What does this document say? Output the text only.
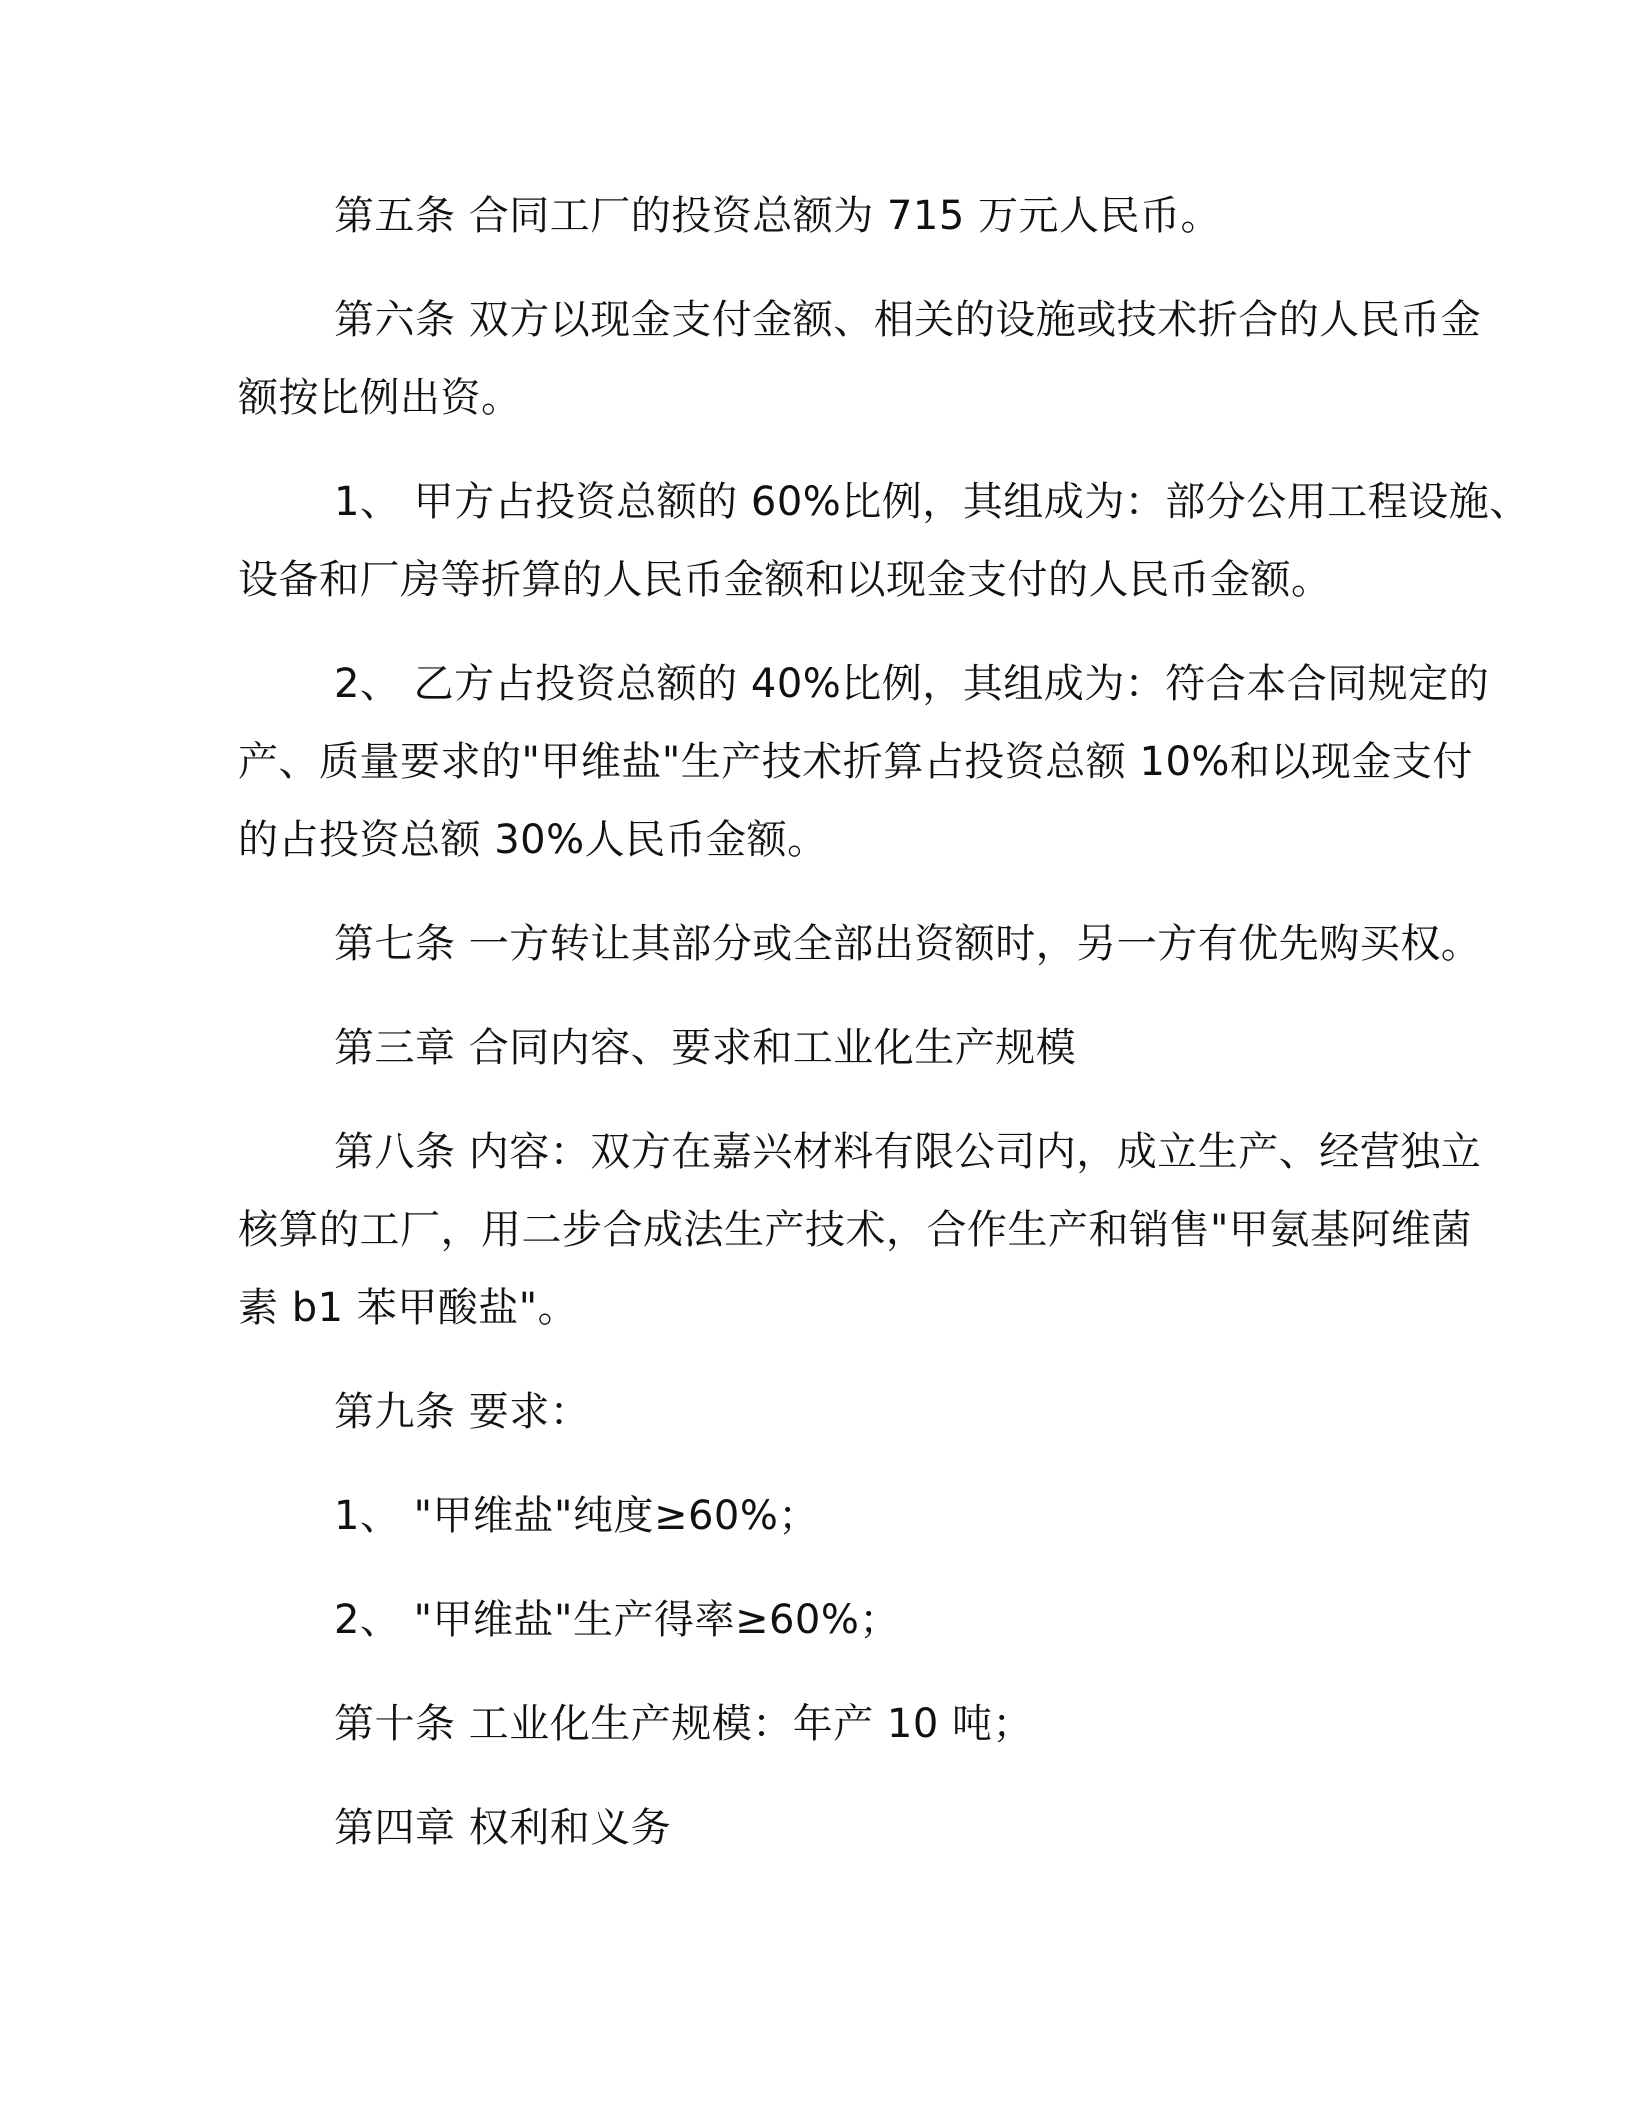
第五条 合同工厂的投资总额为 715 万元人民币。
第六条 双方以现金支付金额、相关的设施或技术折合的人民币金
额按比例出资。
1、 甲方占投资总额的 60%比例，其组成为：部分公用工程设施、
设备和厂房等折算的人民币金额和以现金支付的人民币金额。
2、 乙方占投资总额的 40%比例，其组成为：符合本合同规定的
产、质量要求的"甲维盐"生产技术折算占投资总额 10%和以现金支付
的占投资总额 30%人民币金额。
第七条 一方转让其部分或全部出资额时，另一方有优先购买权。
第三章 合同内容、要求和工业化生产规模
第八条 内容：双方在嘉兴材料有限公司内，成立生产、经营独立
核算的工厂，用二步合成法生产技术，合作生产和销售"甲氨基阿维菌
素 b1 苯甲酸盐"。
第九条 要求：
1、 "甲维盐"纯度≥60%；
2、 "甲维盐"生产得率≥60%；
第十条 工业化生产规模：年产 10 吨；
第四章 权利和义务
